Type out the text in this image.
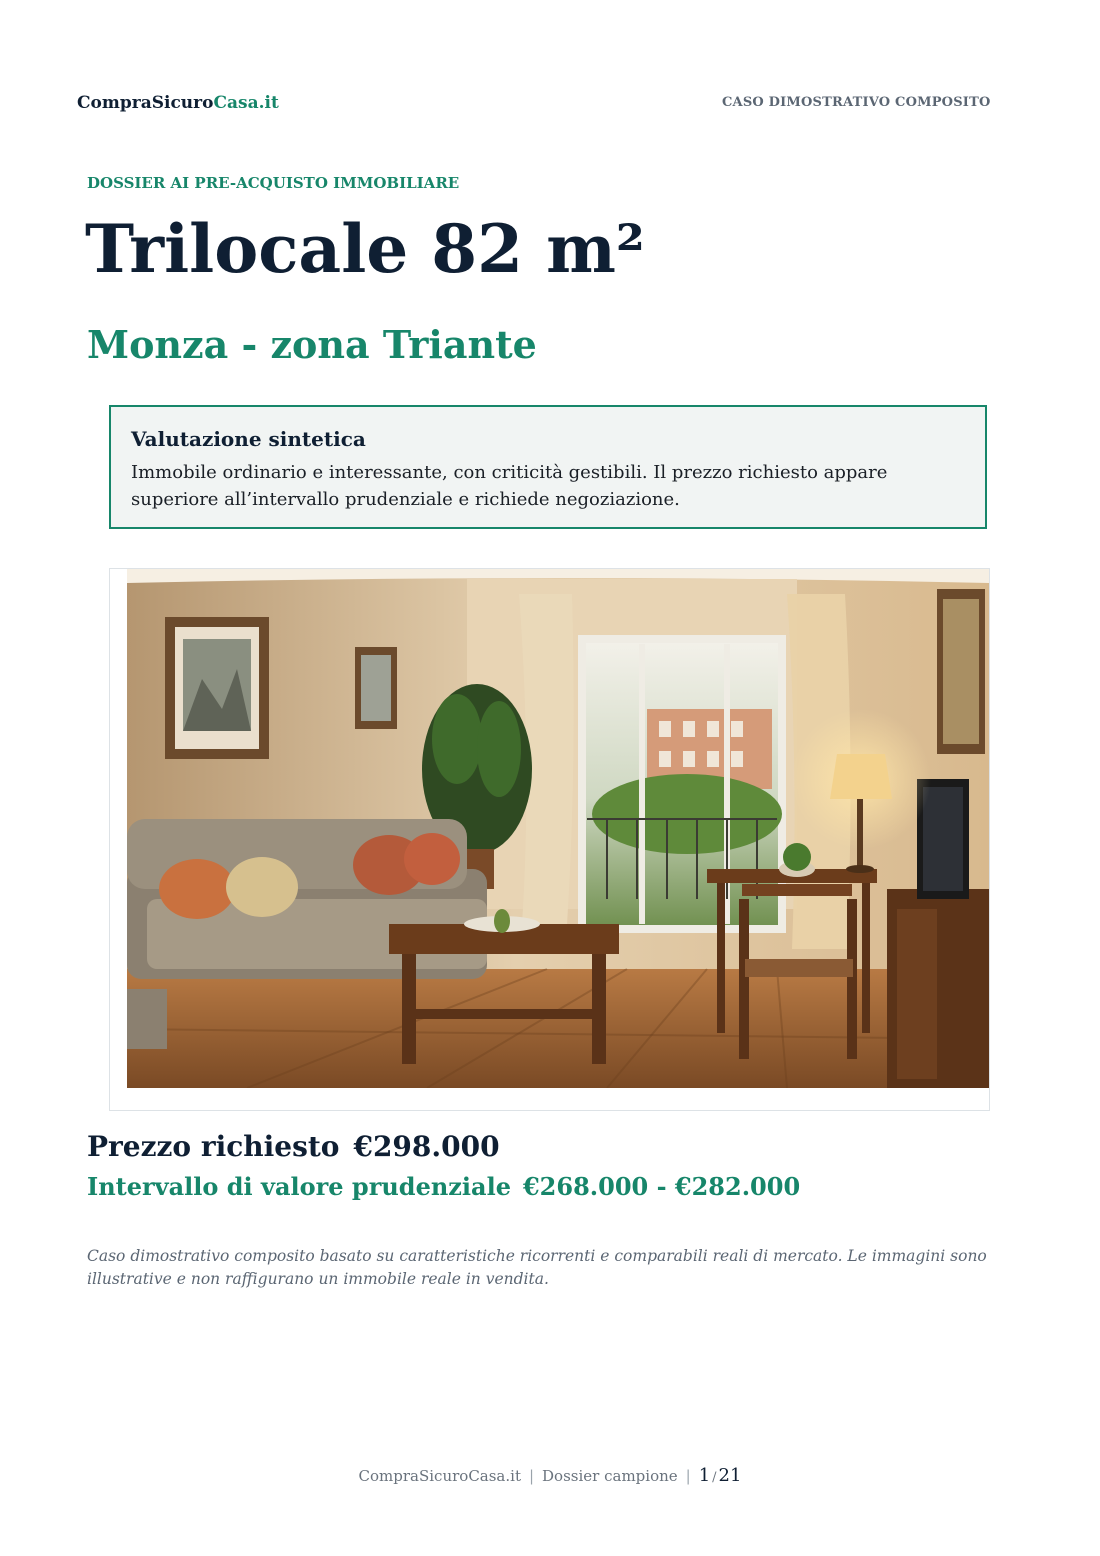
CompraSicuroCasa.it	CASO DIMOSTRATIVO COMPOSITO
DOSSIER AI PRE-ACQUISTO IMMOBILIARE
Trilocale 82 m²
Monza - zona Triante

Valutazione sintetica

Immobile ordinario e interessante, con criticità gestibili. Il prezzo richiesto appare superiore all’intervallo prudenziale e richiede negoziazione.

Prezzo richiesto €298.000
Intervallo di valore prudenziale €268.000 - €282.000
Caso dimostrativo composito basato su caratteristiche ricorrenti e comparabili reali di mercato. Le immagini sono illustrative e non raffigurano un immobile reale in vendita.
CompraSicuroCasa.it | Dossier campione | 1 / 21
